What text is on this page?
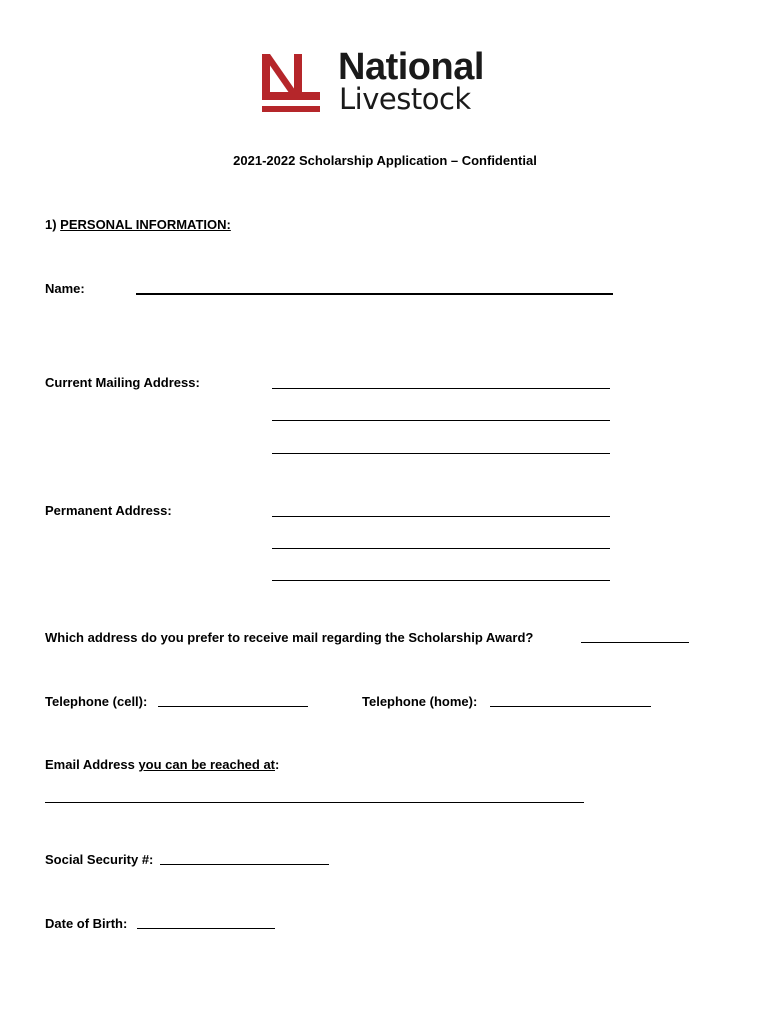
National
Livestock
2021-2022 Scholarship Application – Confidential
1) PERSONAL INFORMATION:
Name:
Current Mailing Address:
Permanent Address:
Which address do you prefer to receive mail regarding the Scholarship Award?
Telephone (cell):	Telephone (home):
Email Address you can be reached at:
Social Security #:
Date of Birth:
